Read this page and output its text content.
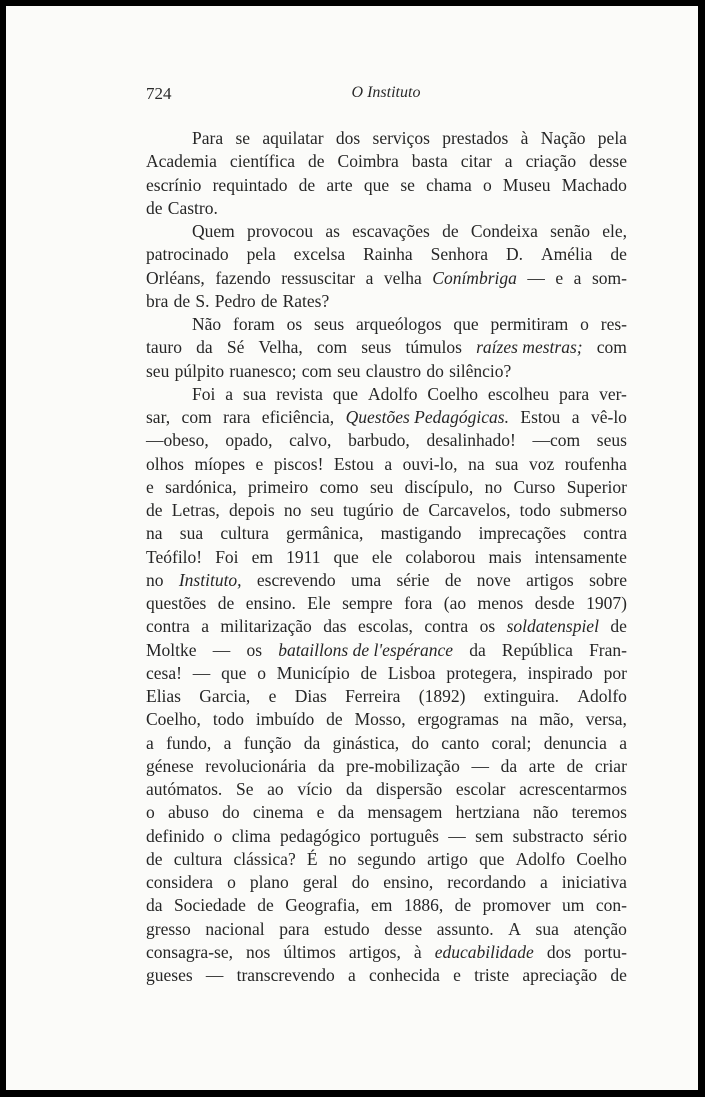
724	O Instituto
Para se aquilatar dos serviços prestados à Nação pela
Academia científica de Coimbra basta citar a criação desse
escrínio requintado de arte que se chama o Museu Machado
de Castro.
Quem provocou as escavações de Condeixa senão ele,
patrocinado pela excelsa Rainha Senhora D. Amélia de
Orléans, fazendo ressuscitar a velha Conímbriga — e a som-
bra de S. Pedro de Rates?
Não foram os seus arqueólogos que permitiram o res-
tauro da Sé Velha, com seus túmulos raízes mestras; com
seu púlpito ruanesco; com seu claustro do silêncio?
Foi a sua revista que Adolfo Coelho escolheu para ver-
sar, com rara eficiência, Questões Pedagógicas. Estou a vê-lo
—obeso, opado, calvo, barbudo, desalinhado! —com seus
olhos míopes e piscos! Estou a ouvi-lo, na sua voz roufenha
e sardónica, primeiro como seu discípulo, no Curso Superior
de Letras, depois no seu tugúrio de Carcavelos, todo submerso
na sua cultura germânica, mastigando imprecações contra
Teófilo! Foi em 1911 que ele colaborou mais intensamente
no Instituto, escrevendo uma série de nove artigos sobre
questões de ensino. Ele sempre fora (ao menos desde 1907)
contra a militarização das escolas, contra os soldatenspiel de
Moltke — os bataillons de l'espérance da República Fran-
cesa! — que o Município de Lisboa protegera, inspirado por
Elias Garcia, e Dias Ferreira (1892) extinguira. Adolfo
Coelho, todo imbuído de Mosso, ergogramas na mão, versa,
a fundo, a função da ginástica, do canto coral; denuncia a
génese revolucionária da pre-mobilização — da arte de criar
autómatos. Se ao vício da dispersão escolar acrescentarmos
o abuso do cinema e da mensagem hertziana não teremos
definido o clima pedagógico português — sem substracto sério
de cultura clássica? É no segundo artigo que Adolfo Coelho
considera o plano geral do ensino, recordando a iniciativa
da Sociedade de Geografia, em 1886, de promover um con-
gresso nacional para estudo desse assunto. A sua atenção
consagra-se, nos últimos artigos, à educabilidade dos portu-
gueses — transcrevendo a conhecida e triste apreciação de
